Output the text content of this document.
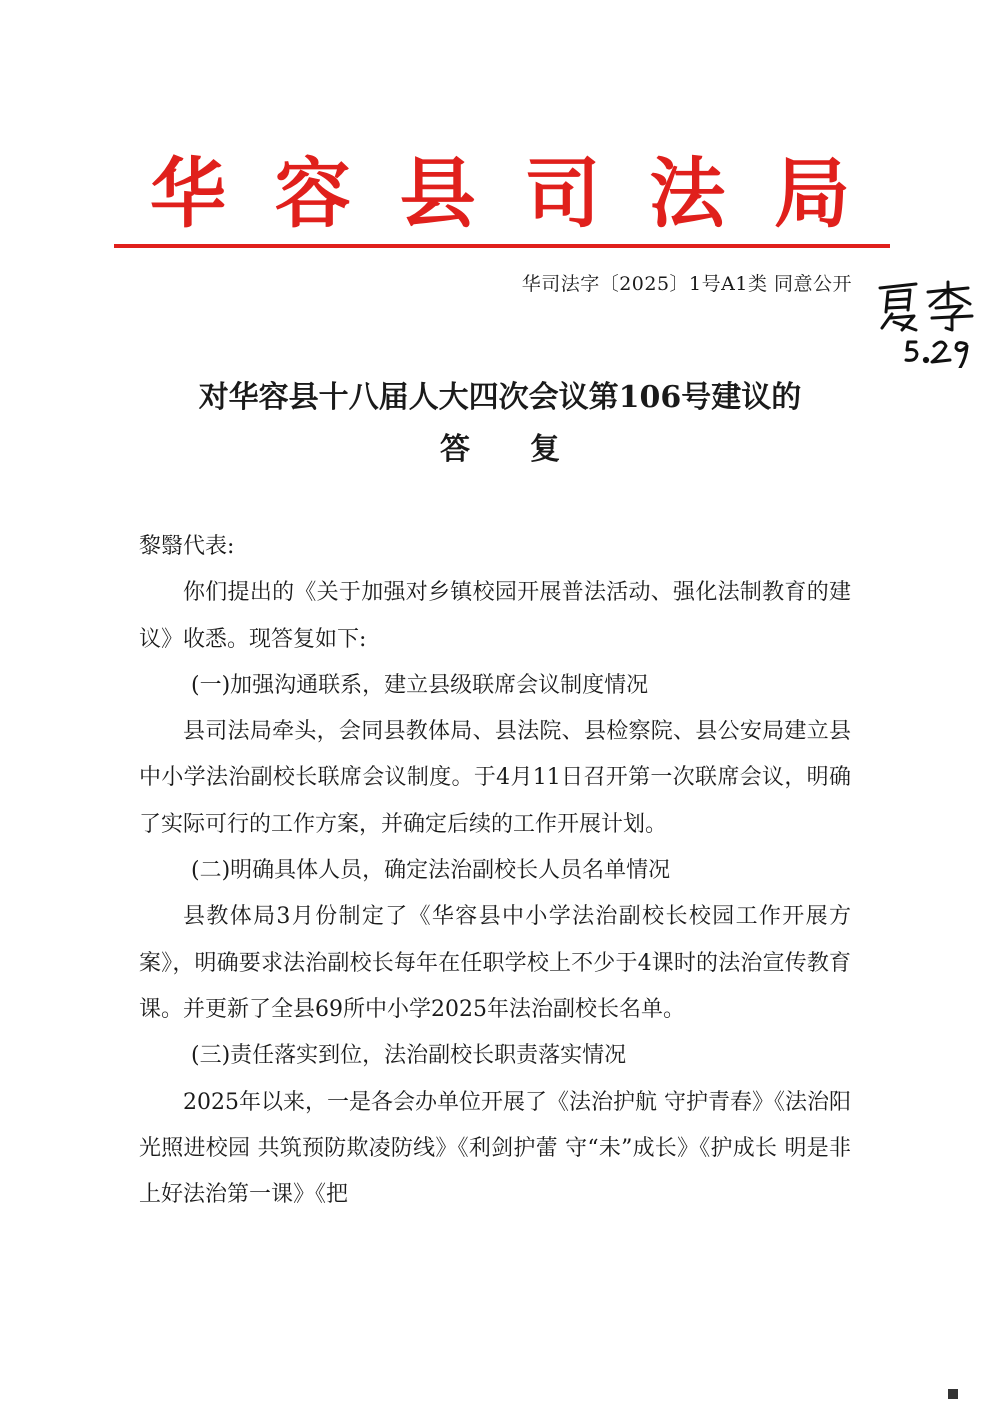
华 容 县 司 法 局
华司法字〔2025〕1号A1类 同意公开
对华容县十八届人大四次会议第106号建议的
答复

黎翳代表:

你们提出的《关于加强对乡镇校园开展普法活动、强化法制教育的建议》收悉。现答复如下:

(一)加强沟通联系，建立县级联席会议制度情况

县司法局牵头，会同县教体局、县法院、县检察院、县公安局建立县中小学法治副校长联席会议制度。于4月11日召开第一次联席会议，明确了实际可行的工作方案，并确定后续的工作开展计划。

(二)明确具体人员，确定法治副校长人员名单情况

县教体局3月份制定了《华容县中小学法治副校长校园工作开展方案》，明确要求法治副校长每年在任职学校上不少于4课时的法治宣传教育课。并更新了全县69所中小学2025年法治副校长名单。

(三)责任落实到位，法治副校长职责落实情况

2025年以来，一是各会办单位开展了《法治护航 守护青春》《法治阳光照进校园 共筑预防欺凌防线》《利剑护蕾 守“未”成长》《护成长 明是非 上好法治第一课》《把
